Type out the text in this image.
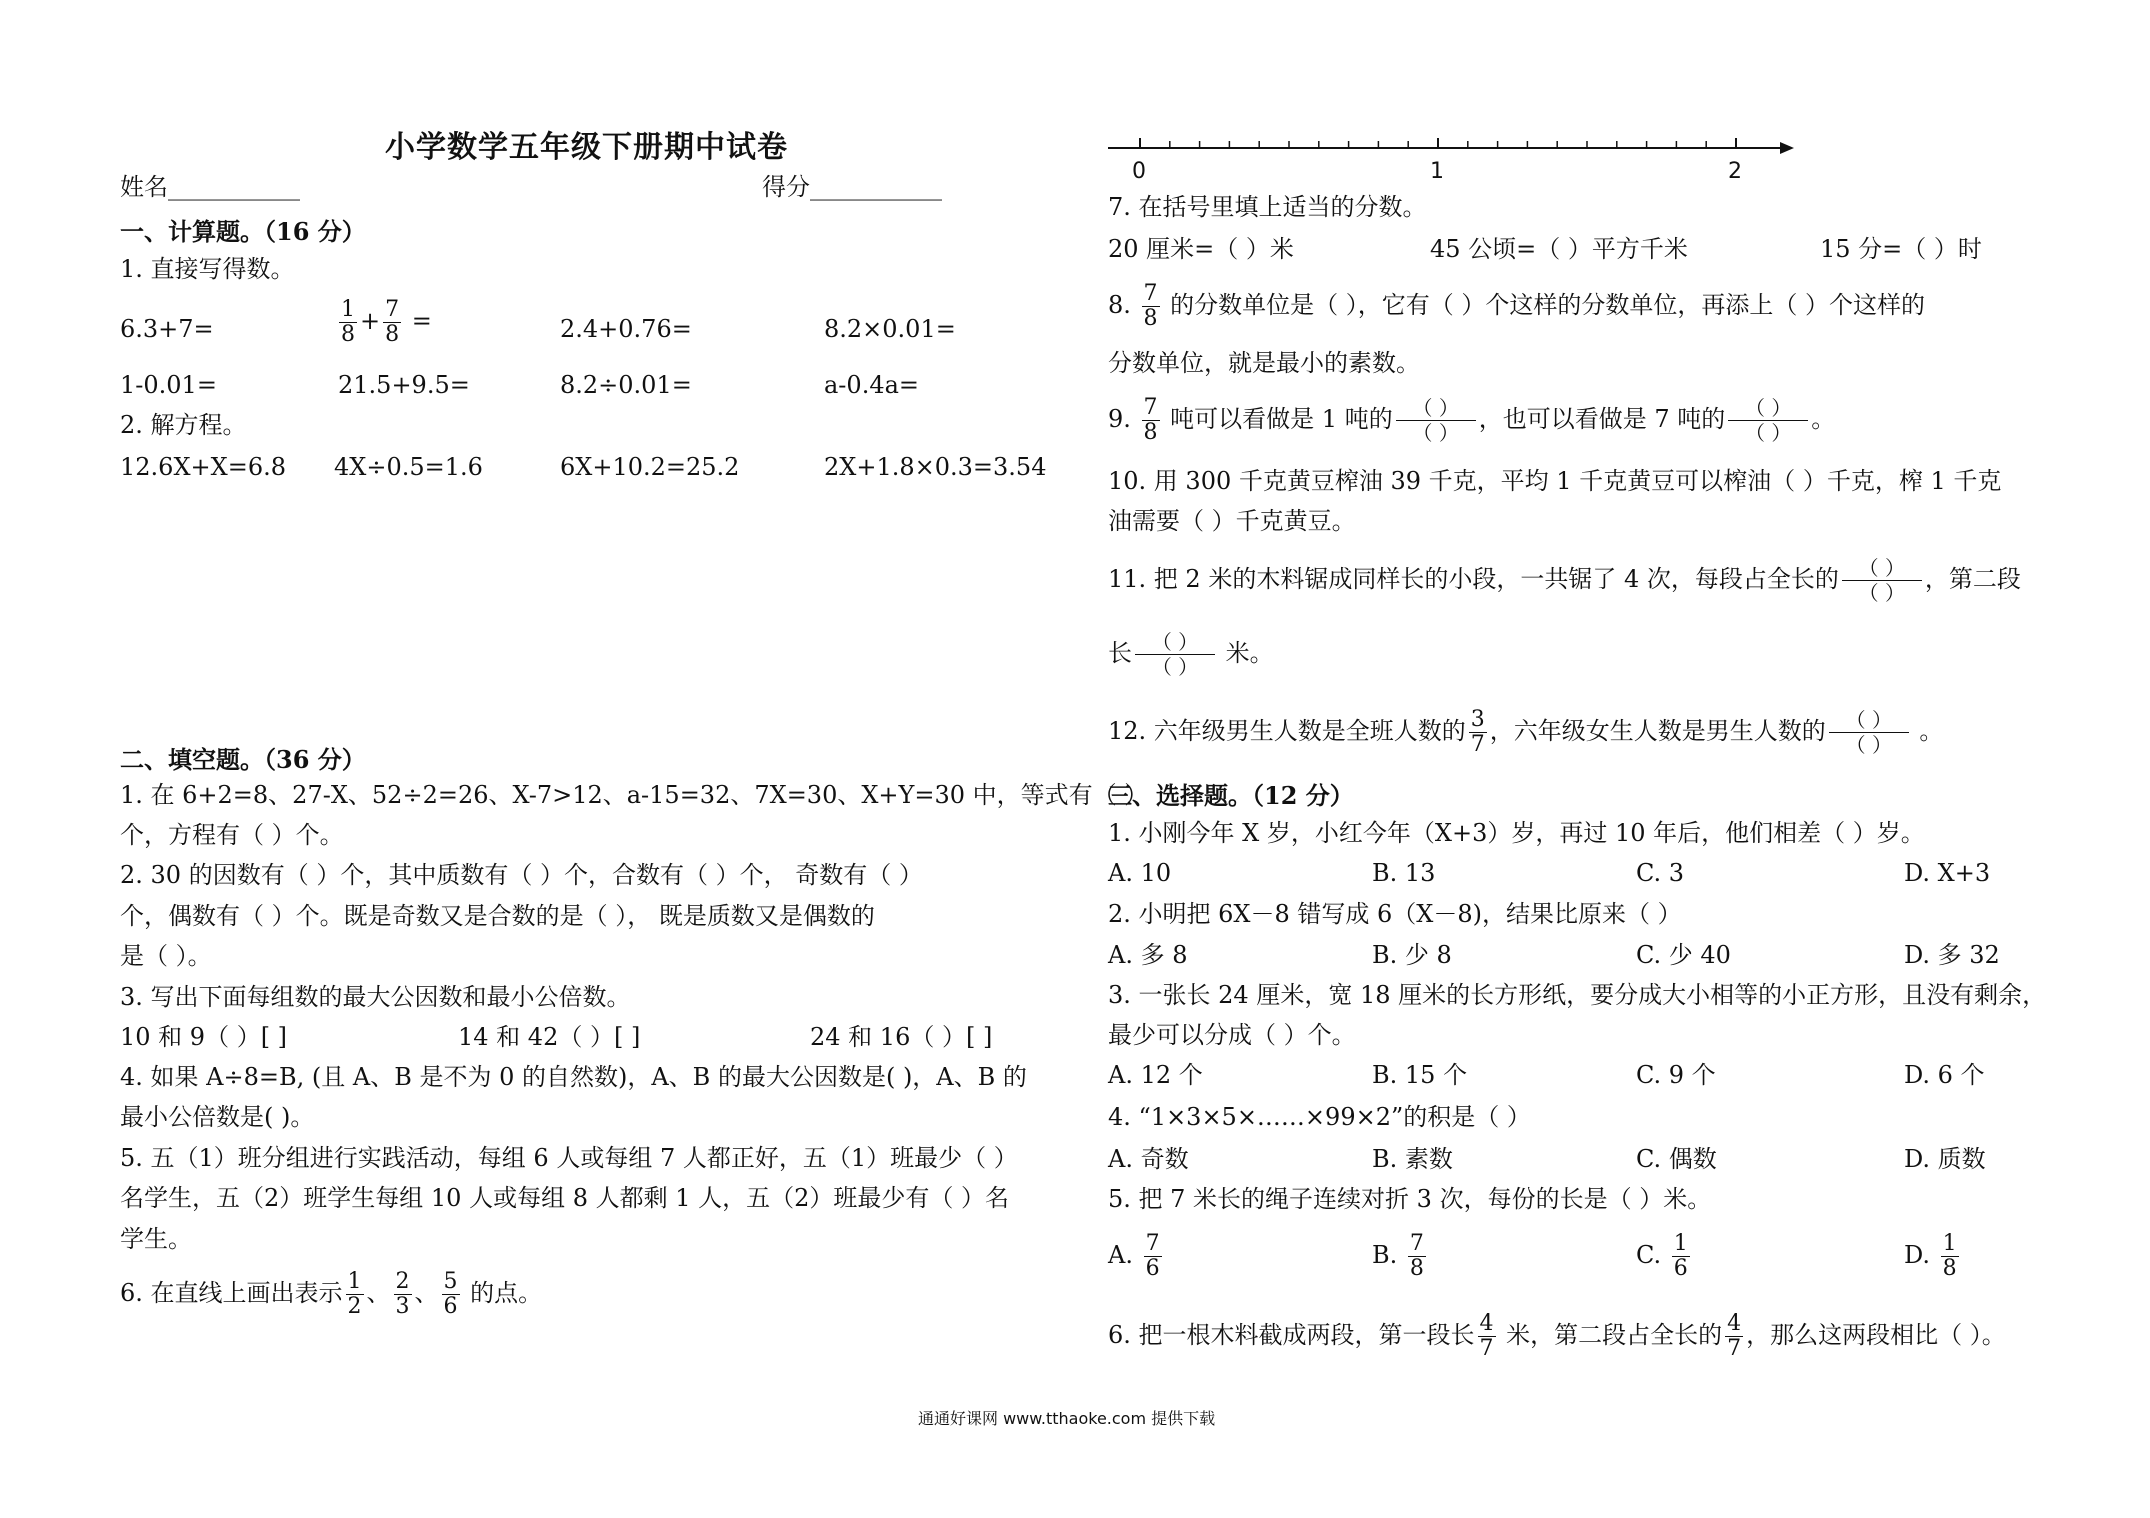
小学数学五年级下册期中试卷
姓名___________	得分___________
一、计算题。（16 分）
1. 直接写得数。
6.3+7=	$\frac{1}{8} + \frac{7}{8}$ =	2.4+0.76=	8.2×0.01=
1-0.01=	21.5+9.5=	8.2÷0.01=	a-0.4a=
2. 解方程。
12.6X+X=6.8 4X÷0.5=1.6	6X+10.2=25.2	2X+1.8×0.3=3.54
二、填空题。（36 分）
1. 在 6+2=8、27-X、52÷2=26、X-7>12、a-15=32、7X=30、X+Y=30 中，等式有（ ）
个，方程有（ ）个。
2. 30 的因数有（ ）个，其中质数有（ ）个，合数有（ ）个， 奇数有（ ）
个，偶数有（ ）个。既是奇数又是合数的是（ ）， 既是质数又是偶数的
是（ ）。
3. 写出下面每组数的最大公因数和最小公倍数。
10 和 9（ ）[ ]	14 和 42（ ）[ ]	24 和 16（ ）[ ]
4. 如果 A÷8=B, (且 A、B 是不为 0 的自然数)，A、B 的最大公因数是( )，A、B 的
最小公倍数是( )。
5. 五（1）班分组进行实践活动，每组 6 人或每组 7 人都正好，五（1）班最少（ ）
名学生，五（2）班学生每组 10 人或每组 8 人都剩 1 人，五（2）班最少有（ ）名
学生。
6. 在直线上画出表示 $\frac{1}{2}$ 、 $\frac{2}{3}$ 、 $\frac{5}{6}$ 的点。
0	1	2
7. 在括号里填上适当的分数。
20 厘米=（ ）米	45 公顷=（ ）平方千米	15 分=（ ）时
8. $\frac{7}{8}$ 的分数单位是（ ），它有（ ）个这样的分数单位，再添上（ ）个这样的
分数单位，就是最小的素数。
9. $\frac{7}{8}$ 吨可以看做是 1 吨的 $\frac{( )}{( )}$ ，也可以看做是 7 吨的 $\frac{( )}{( )}$ 。
10. 用 300 千克黄豆榨油 39 千克，平均 1 千克黄豆可以榨油（ ）千克，榨 1 千克
油需要（ ）千克黄豆。
11. 把 2 米的木料锯成同样长的小段，一共锯了 4 次，每段占全长的 $\frac{( )}{( )}$ ，第二段
长 $\frac{( )}{( )}$ 米。
12. 六年级男生人数是全班人数的 $\frac{3}{7}$ ，六年级女生人数是男生人数的 $\frac{( )}{( )}$ 。
三、选择题。（12 分）
1. 小刚今年 X 岁，小红今年（X+3）岁，再过 10 年后，他们相差（ ）岁。
A. 10	B. 13	C. 3	D. X+3
2. 小明把 6X－8 错写成 6（X－8)，结果比原来（ ）
A. 多 8	B. 少 8	C. 少 40	D. 多 32
3. 一张长 24 厘米，宽 18 厘米的长方形纸，要分成大小相等的小正方形，且没有剩余，
最少可以分成（ ）个。
A. 12 个	B. 15 个	C. 9 个	D. 6 个
4. “1×3×5×……×99×2”的积是（ ）
A. 奇数	B. 素数	C. 偶数	D. 质数
5. 把 7 米长的绳子连续对折 3 次，每份的长是（ ）米。
A. $\frac{7}{6}$	B. $\frac{7}{8}$	C. $\frac{1}{6}$	D. $\frac{1}{8}$
6. 把一根木料截成两段，第一段长 $\frac{4}{7}$ 米，第二段占全长的 $\frac{4}{7}$ ，那么这两段相比（ ）。
通通好课网 www.tthaoke.com 提供下载
